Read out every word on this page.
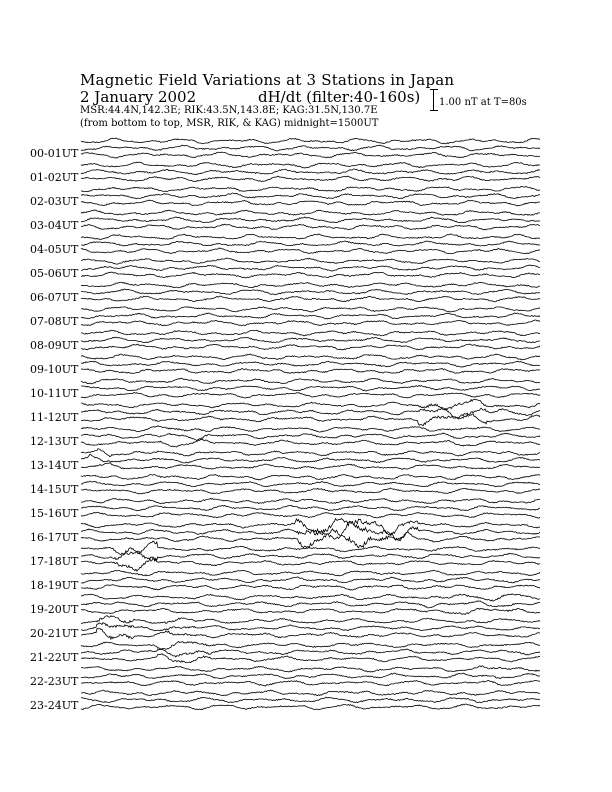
Magnetic Field Variations at 3 Stations in Japan
2 January 2002	dH/dt (filter:40-160s)
MSR:44.4N,142.3E; RIK:43.5N,143.8E; KAG:31.5N,130.7E
(from bottom to top, MSR, RIK, & KAG) midnight=1500UT
1.00 nT at T=80s
00-01UT
01-02UT
02-03UT
03-04UT
04-05UT
05-06UT
06-07UT
07-08UT
08-09UT
09-10UT
10-11UT
11-12UT
12-13UT
13-14UT
14-15UT
15-16UT
16-17UT
17-18UT
18-19UT
19-20UT
20-21UT
21-22UT
22-23UT
23-24UT
